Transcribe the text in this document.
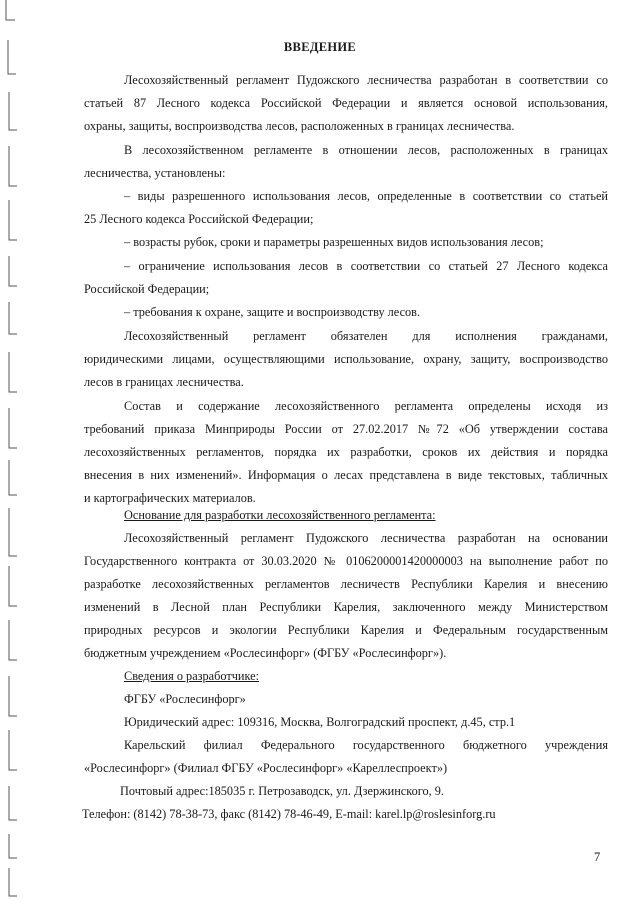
ВВЕДЕНИЕ
Лесохозяйственный регламент Пудожского лесничества разработан в соответствии со
статьей 87 Лесного кодекса Российской Федерации и является основой использования,
охраны, защиты, воспроизводства лесов, расположенных в границах лесничества.
В лесохозяйственном регламенте в отношении лесов, расположенных в границах
лесничества, установлены:
– виды разрешенного использования лесов, определенные в соответствии со статьей
25 Лесного кодекса Российской Федерации;
– возрасты рубок, сроки и параметры разрешенных видов использования лесов;
– ограничение использования лесов в соответствии со статьей 27 Лесного кодекса
Российской Федерации;
– требования к охране, защите и воспроизводству лесов.
Лесохозяйственный регламент обязателен для исполнения гражданами,
юридическими лицами, осуществляющими использование, охрану, защиту, воспроизводство
лесов в границах лесничества.
Состав и содержание лесохозяйственного регламента определены исходя из
требований приказа Минприроды России от 27.02.2017 №72 «Об утверждении состава
лесохозяйственных регламентов, порядка их разработки, сроков их действия и порядка
внесения в них изменений». Информация о лесах представлена в виде текстовых, табличных
и картографических материалов.
Основание для разработки лесохозяйственного регламента:
Лесохозяйственный регламент Пудожского лесничества разработан на основании
Государственного контракта от 30.03.2020 № 0106200001420000003 на выполнение работ по
разработке лесохозяйственных регламентов лесничеств Республики Карелия и внесению
изменений в Лесной план Республики Карелия, заключенного между Министерством
природных ресурсов и экологии Республики Карелия и Федеральным государственным
бюджетным учреждением «Рослесинфорг» (ФГБУ «Рослесинфорг»).
Сведения о разработчике:
ФГБУ «Рослесинфорг»
Юридический адрес: 109316, Москва, Волгоградский проспект, д.45, стр.1
Карельский филиал Федерального государственного бюджетного учреждения
«Рослесинфорг» (Филиал ФГБУ «Рослесинфорг» «Кареллеспроект»)
Почтовый адрес:185035 г. Петрозаводск, ул. Дзержинского, 9.
Телефон: (8142) 78-38-73, факс (8142) 78-46-49, E-mail: karel.lp@roslesinforg.ru
7
